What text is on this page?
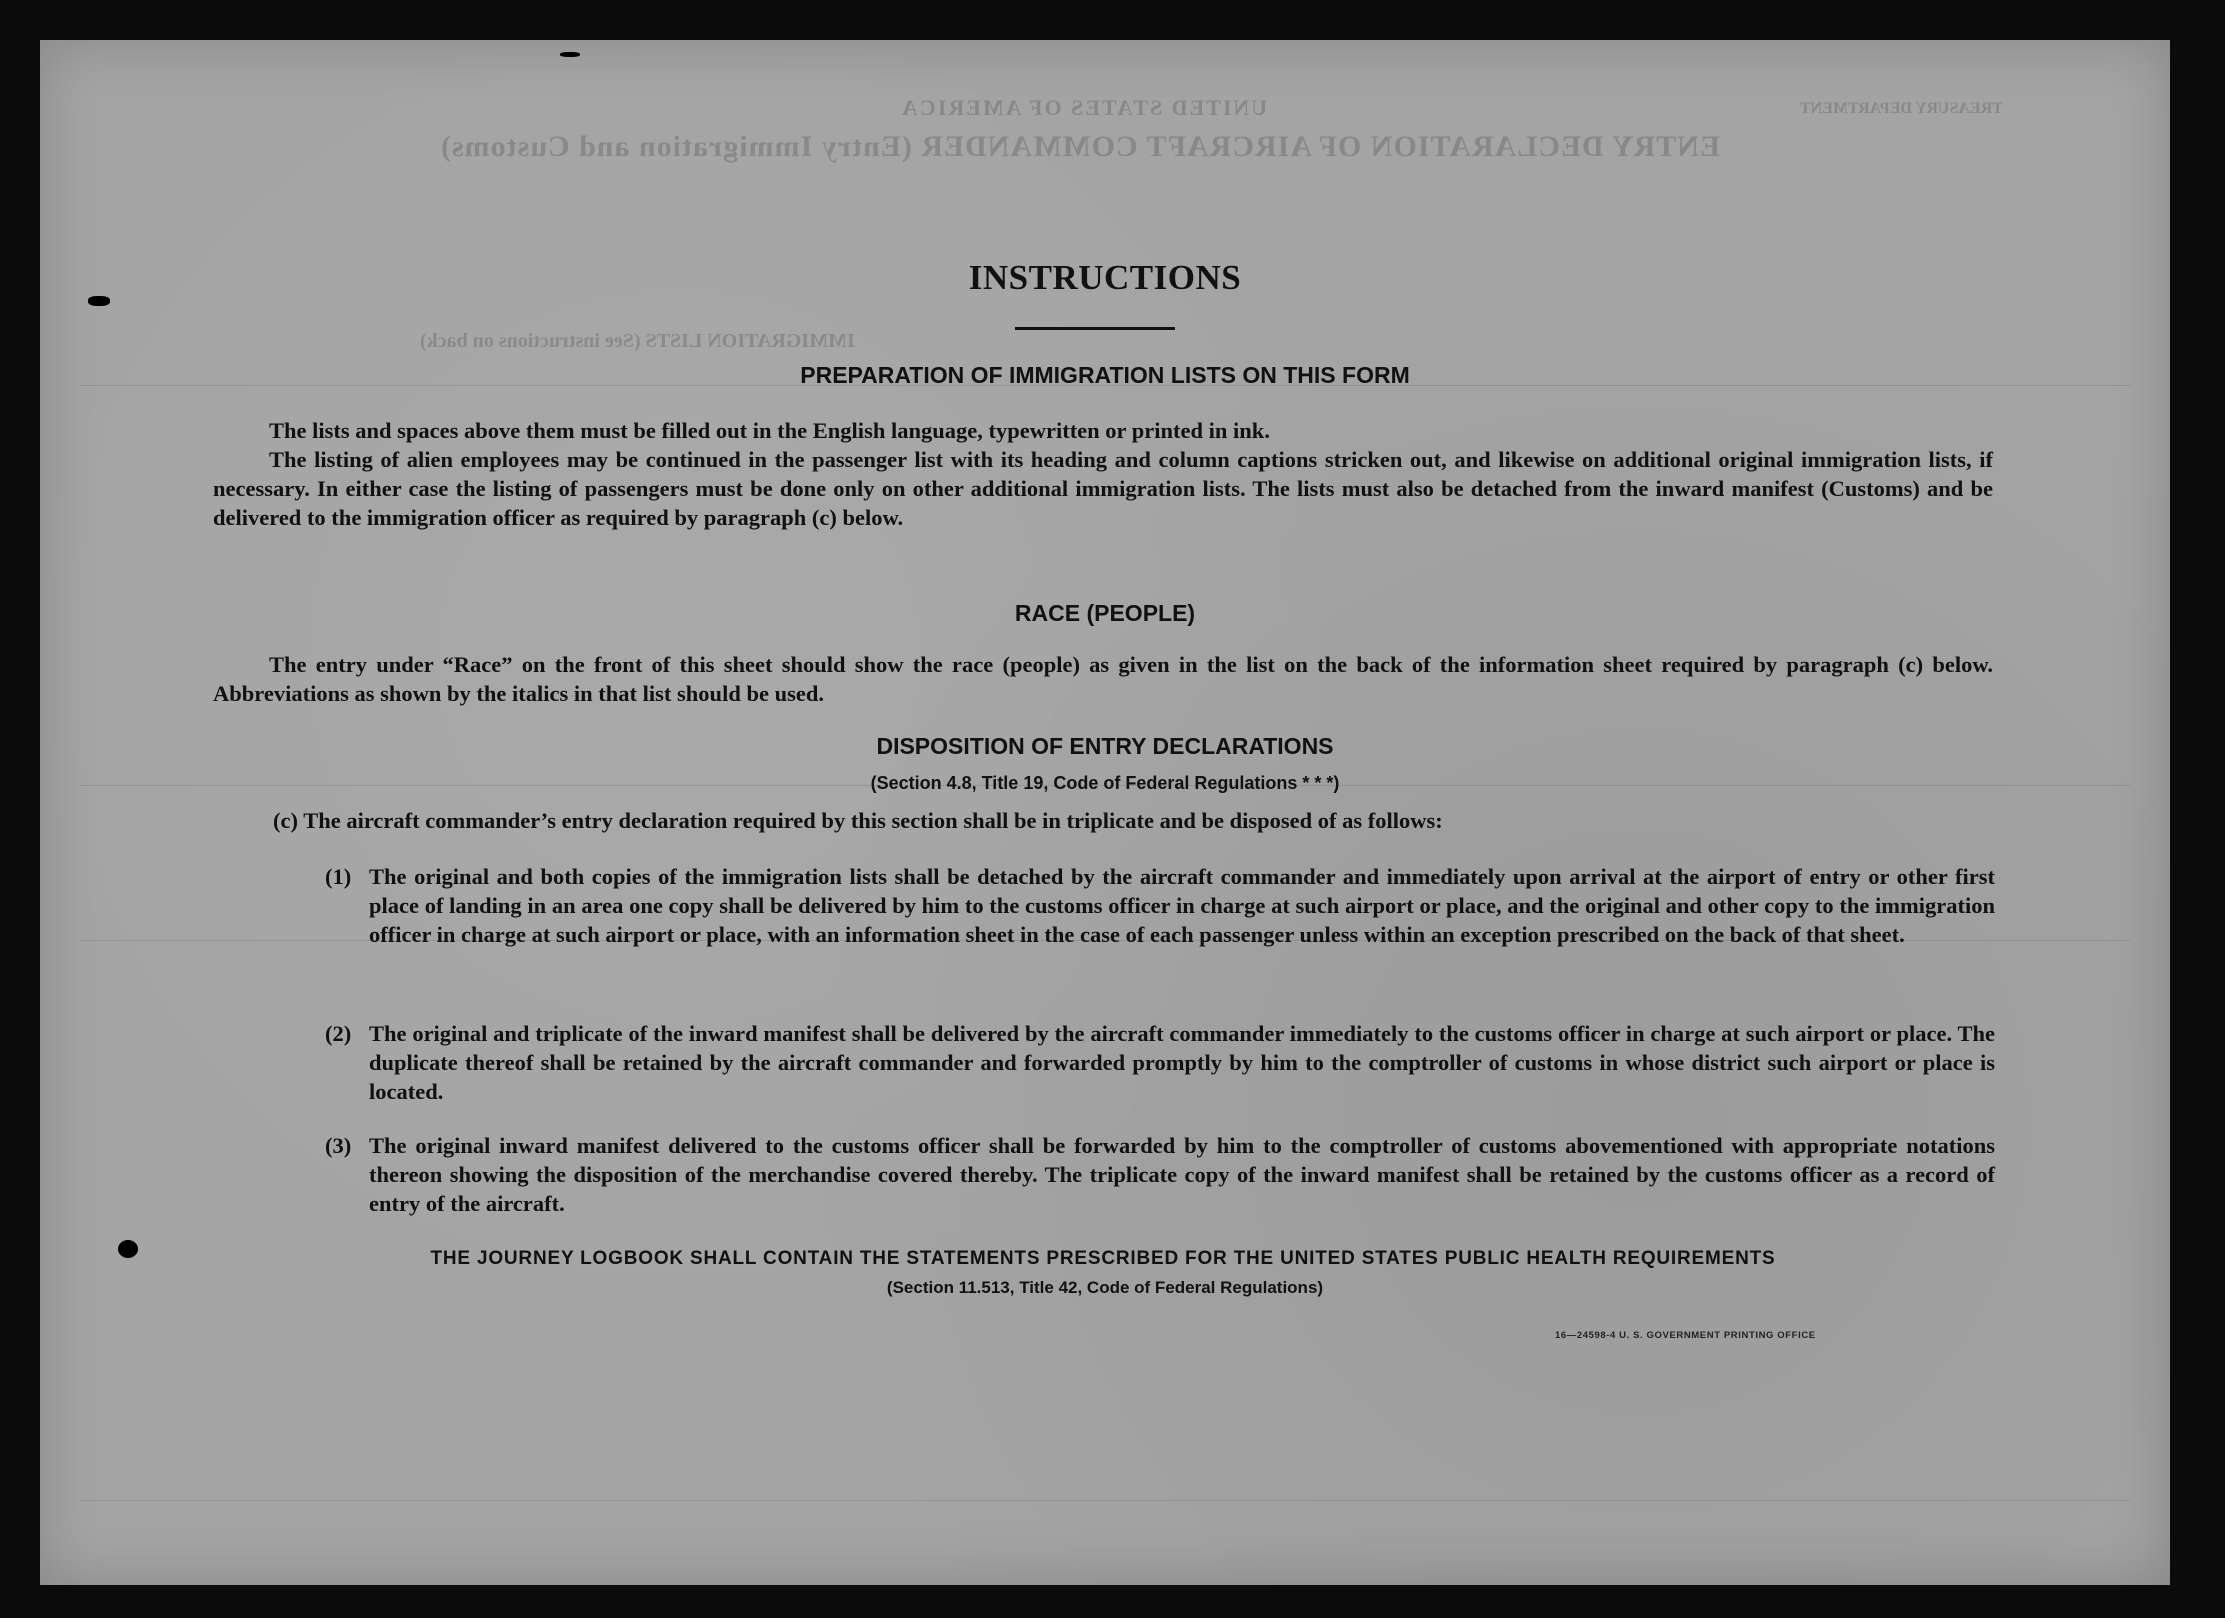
UNITED STATES OF AMERICA
ENTRY DECLARATION OF AIRCRAFT COMMANDER (Entry Immigration and Customs)
IMMIGRATION LISTS (See instructions on back)
TREASURY DEPARTMENT
INSTRUCTIONS
PREPARATION OF IMMIGRATION LISTS ON THIS FORM
The lists and spaces above them must be filled out in the English language, typewritten or printed in ink.
The listing of alien employees may be continued in the passenger list with its heading and column captions stricken out, and likewise on additional original immigration lists, if necessary. In either case the listing of passengers must be done only on other additional immigration lists. The lists must also be detached from the inward manifest (Customs) and be delivered to the immigration officer as required by paragraph (c) below.
RACE (PEOPLE)
The entry under “Race” on the front of this sheet should show the race (people) as given in the list on the back of the information sheet required by paragraph (c) below. Abbreviations as shown by the italics in that list should be used.
DISPOSITION OF ENTRY DECLARATIONS
(Section 4.8, Title 19, Code of Federal Regulations * * *)
(c) The aircraft commander’s entry declaration required by this section shall be in triplicate and be disposed of as follows:
(1) The original and both copies of the immigration lists shall be detached by the aircraft commander and immediately upon arrival at the airport of entry or other first place of landing in an area one copy shall be delivered by him to the customs officer in charge at such airport or place, and the original and other copy to the immigration officer in charge at such airport or place, with an information sheet in the case of each passenger unless within an exception prescribed on the back of that sheet.
(2) The original and triplicate of the inward manifest shall be delivered by the aircraft commander immediately to the customs officer in charge at such airport or place. The duplicate thereof shall be retained by the aircraft commander and forwarded promptly by him to the comptroller of customs in whose district such airport or place is located.
(3) The original inward manifest delivered to the customs officer shall be forwarded by him to the comptroller of customs abovementioned with appropriate notations thereon showing the disposition of the merchandise covered thereby. The triplicate copy of the inward manifest shall be retained by the customs officer as a record of entry of the aircraft.
THE JOURNEY LOGBOOK SHALL CONTAIN THE STATEMENTS PRESCRIBED FOR THE UNITED STATES PUBLIC HEALTH REQUIREMENTS
(Section 11.513, Title 42, Code of Federal Regulations)
16—24598-4 U. S. GOVERNMENT PRINTING OFFICE
